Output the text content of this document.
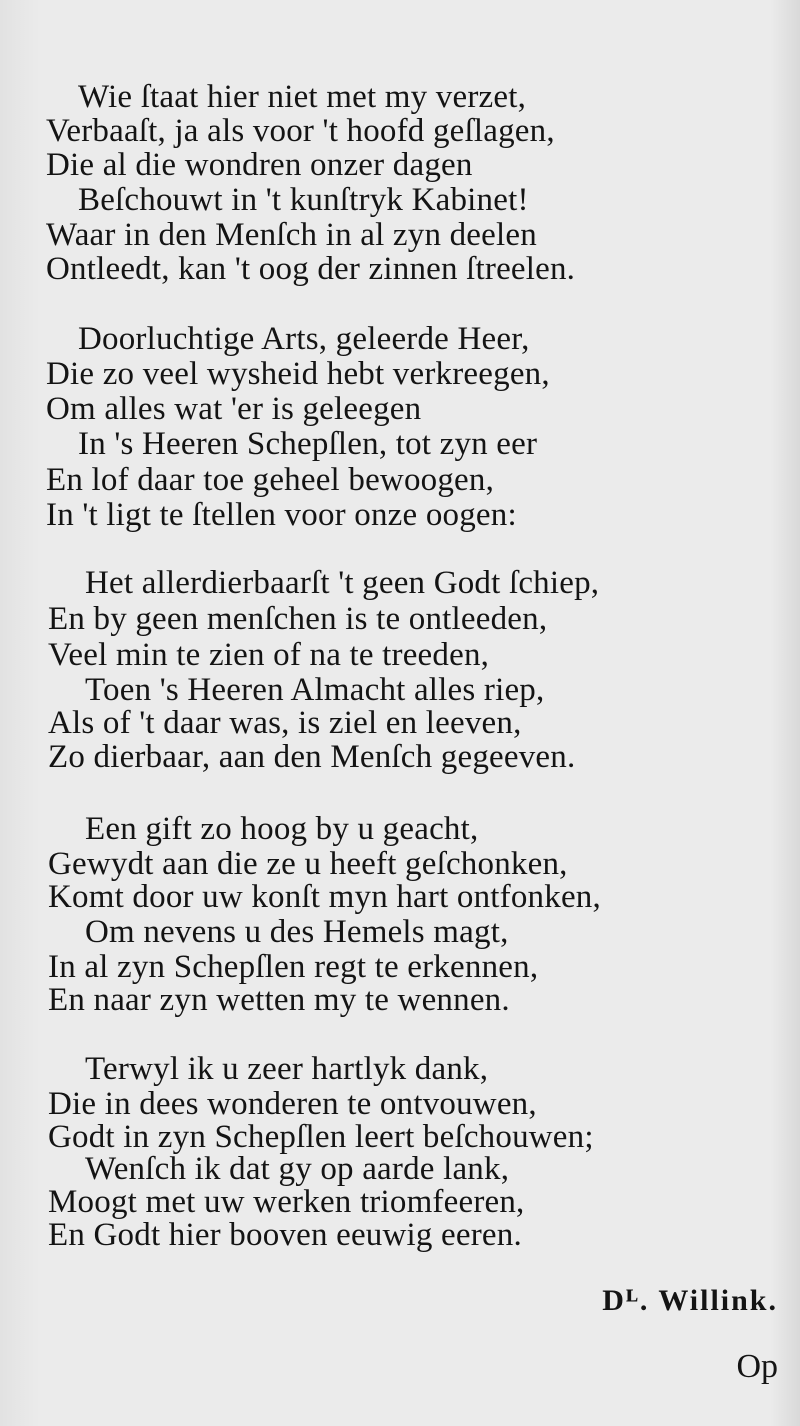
Wie ſtaat hier niet met my verzet,
Verbaaſt, ja als voor 't hoofd geſlagen,
Die al die wondren onzer dagen
Beſchouwt in 't kunſtryk Kabinet!
Waar in den Menſch in al zyn deelen
Ontleedt, kan 't oog der zinnen ſtreelen.
Doorluchtige Arts, geleerde Heer,
Die zo veel wysheid hebt verkreegen,
Om alles wat 'er is geleegen
In 's Heeren Schepſlen, tot zyn eer
En lof daar toe geheel bewoogen,
In 't ligt te ſtellen voor onze oogen:
Het allerdierbaarſt 't geen Godt ſchiep,
En by geen menſchen is te ontleeden,
Veel min te zien of na te treeden,
Toen 's Heeren Almacht alles riep,
Als of 't daar was, is ziel en leeven,
Zo dierbaar, aan den Menſch gegeeven.
Een gift zo hoog by u geacht,
Gewydt aan die ze u heeft geſchonken,
Komt door uw konſt myn hart ontfonken,
Om nevens u des Hemels magt,
In al zyn Schepſlen regt te erkennen,
En naar zyn wetten my te wennen.
Terwyl ik u zeer hartlyk dank,
Die in dees wonderen te ontvouwen,
Godt in zyn Schepſlen leert beſchouwen;
Wenſch ik dat gy op aarde lank,
Moogt met uw werken triomfeeren,
En Godt hier booven eeuwig eeren.
Dᴸ. Willink.
Op
